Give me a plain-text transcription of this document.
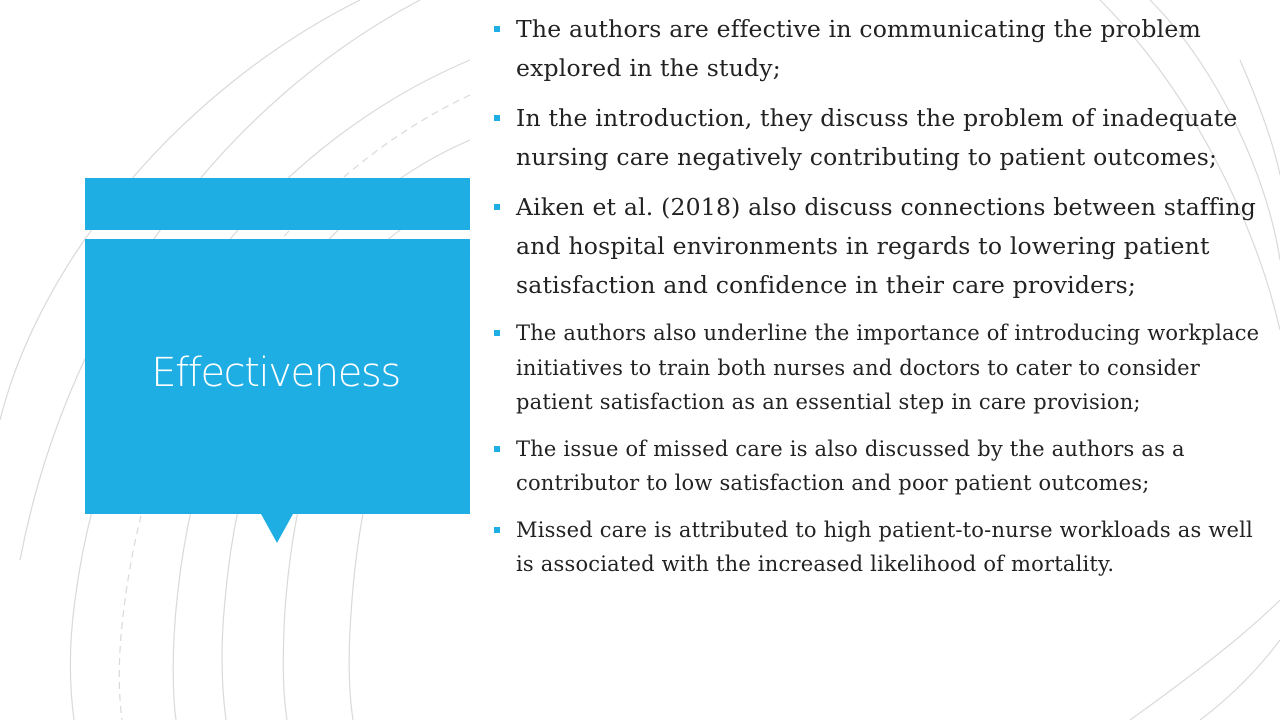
Effectiveness
The authors are effective in communicating the problem explored in the study;
In the introduction, they discuss the problem of inadequate nursing care negatively contributing to patient outcomes;
Aiken et al. (2018) also discuss connections between staffing and hospital environments in regards to lowering patient satisfaction and confidence in their care providers;
The authors also underline the importance of introducing workplace initiatives to train both nurses and doctors to cater to consider patient satisfaction as an essential step in care provision;
The issue of missed care is also discussed by the authors as a contributor to low satisfaction and poor patient outcomes;
Missed care is attributed to high patient-to-nurse workloads as well is associated with the increased likelihood of mortality.
